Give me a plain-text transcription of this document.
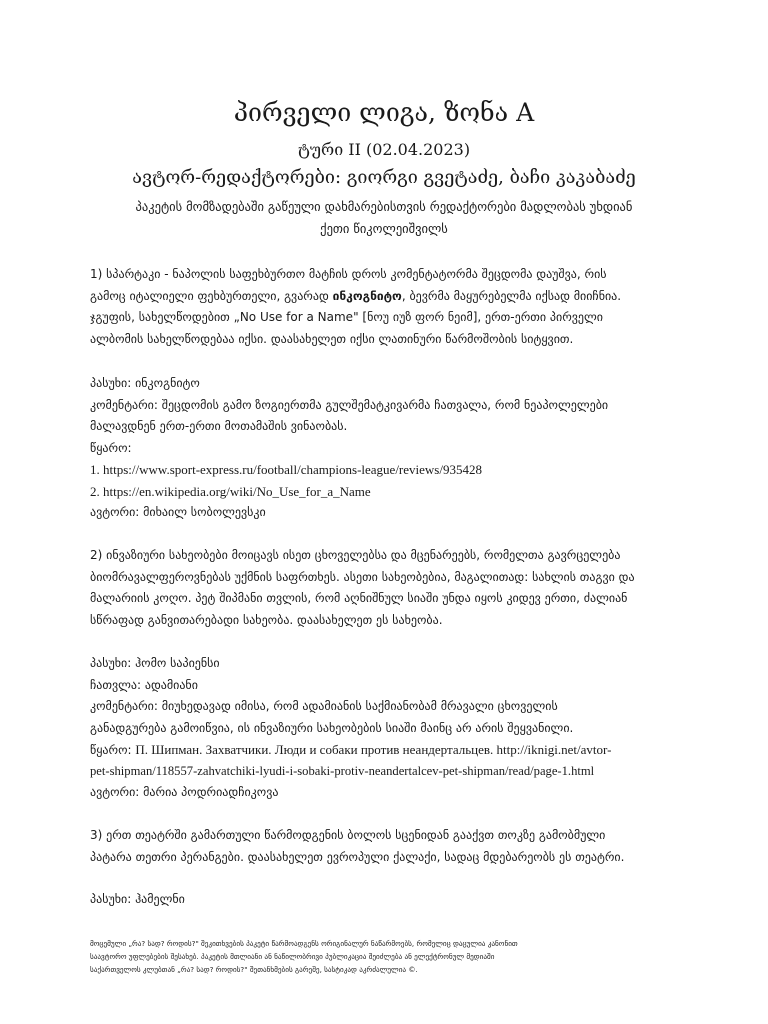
პირველი ლიგა, ზონა A
ტური II (02.04.2023)
ავტორ-რედაქტორები: გიორგი გვეტაძე, ბაჩი კაკაბაძე
პაკეტის მომზადებაში გაწეული დახმარებისთვის რედაქტორები მადლობას უხდიან
ქეთი წიკოლეიშვილს
1) სპარტაკი - ნაპოლის საფეხბურთო მატჩის დროს კომენტატორმა შეცდომა დაუშვა, რის
გამოც იტალიელი ფეხბურთელი, გვარად ინკოგნიტო, ბევრმა მაყურებელმა იქსად მიიჩნია.
ჯგუფის, სახელწოდებით „No Use for a Name" [ნოუ იუზ ფორ ნეიმ], ერთ-ერთი პირველი
ალბომის სახელწოდებაა იქსი. დაასახელეთ იქსი ლათინური წარმოშობის სიტყვით.
პასუხი: ინკოგნიტო
კომენტარი: შეცდომის გამო ზოგიერთმა გულშემატკივარმა ჩათვალა, რომ ნეაპოლელები
მალავდნენ ერთ-ერთი მოთამაშის ვინაობას.
წყარო:
1. https://www.sport-express.ru/football/champions-league/reviews/935428
2. https://en.wikipedia.org/wiki/No_Use_for_a_Name
ავტორი: მიხაილ სობოლევსკი
2) ინვაზიური სახეობები მოიცავს ისეთ ცხოველებსა და მცენარეებს, რომელთა გავრცელება
ბიომრავალფეროვნებას უქმნის საფრთხეს. ასეთი სახეობებია, მაგალითად: სახლის თაგვი და
მალარიის კოღო. პეტ შიპმანი თვლის, რომ აღნიშნულ სიაში უნდა იყოს კიდევ ერთი, ძალიან
სწრაფად განვითარებადი სახეობა. დაასახელეთ ეს სახეობა.
პასუხი: ჰომო საპიენსი
ჩათვლა: ადამიანი
კომენტარი: მიუხედავად იმისა, რომ ადამიანის საქმიანობამ მრავალი ცხოველის
განადგურება გამოიწვია, ის ინვაზიური სახეობების სიაში მაინც არ არის შეყვანილი.
წყარო: П. Шипман. Захватчики. Люди и собаки против неандертальцев. http://iknigi.net/avtor-
pet-shipman/118557-zahvatchiki-lyudi-i-sobaki-protiv-neandertalcev-pet-shipman/read/page-1.html
ავტორი: მარია პოდრიადჩიკოვა
3) ერთ თეატრში გამართული წარმოდგენის ბოლოს სცენიდან გააქვთ თოკზე გამობმული
პატარა თეთრი პერანგები. დაასახელეთ ევროპული ქალაქი, სადაც მდებარეობს ეს თეატრი.
პასუხი: ჰამელნი
მოცემული „რა? სად? როდის?" შეკითხვების პაკეტი წარმოადგენს ორიგინალურ ნაწარმოებს, რომელიც დაცულია კანონით
საავტორო უფლებების შესახებ. პაკეტის მთლიანი ან ნაწილობრივი პუბლიკაცია შეიძლება ან ელექტრონულ მედიაში
საქართველოს კლუბთან „რა? სად? როდის?" შეთანხმების გარეშე, სასტიკად აკრძალულია ©.
